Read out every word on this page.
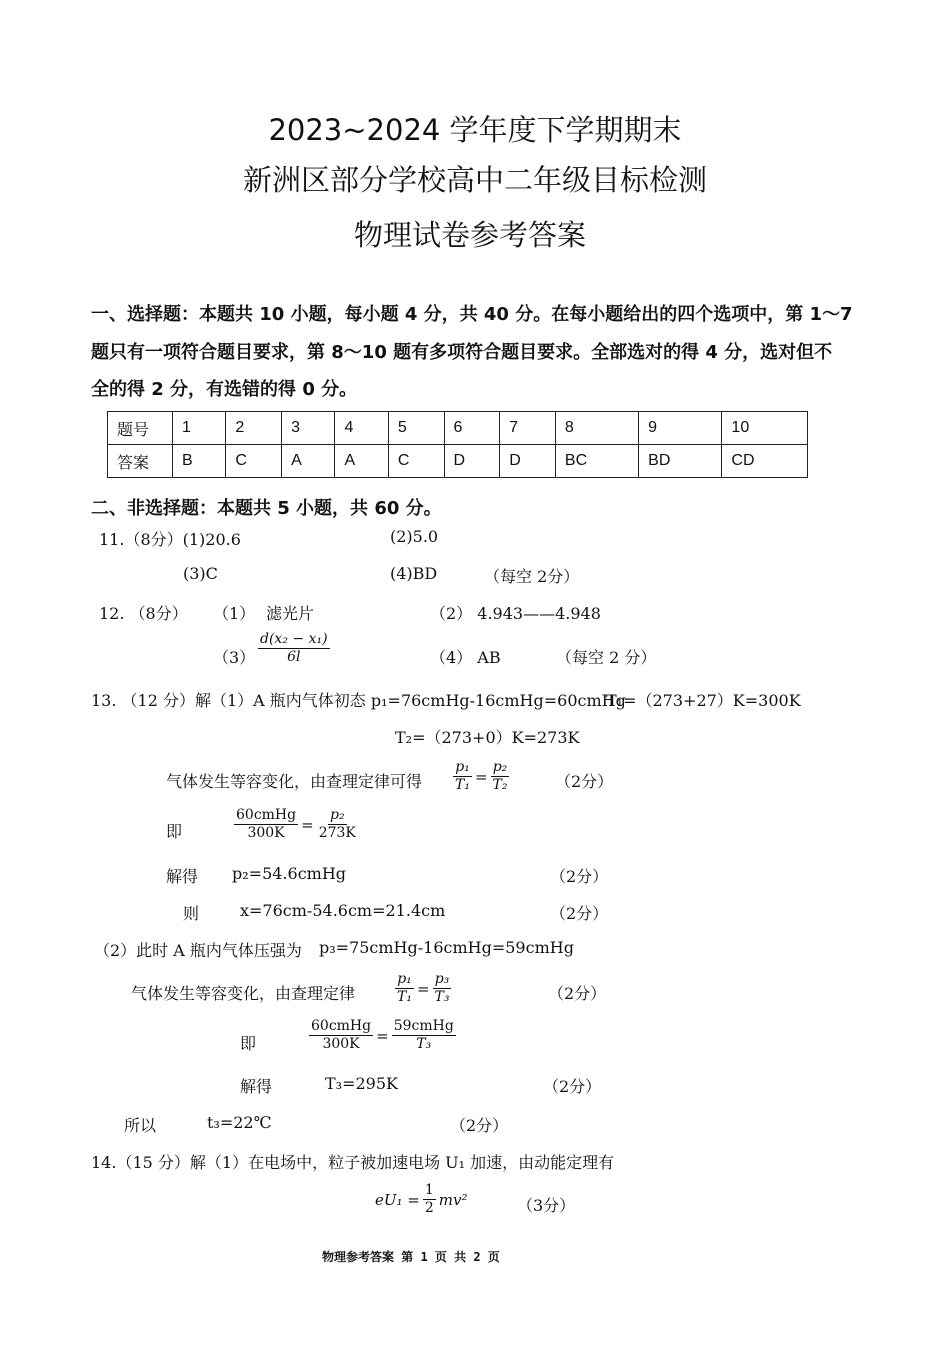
2023~2024 学年度下学期期末
新洲区部分学校高中二年级目标检测
物理试卷参考答案
一、选择题：本题共 10 小题，每小题 4 分，共 40 分。在每小题给出的四个选项中，第 1～7
题只有一项符合题目要求，第 8～10 题有多项符合题目要求。全部选对的得 4 分，选对但不
全的得 2 分，有选错的得 0 分。
题号	1	2	3	4	5	6	7	8	9	10
答案	B	C	A	A	C	D	D	BC	BD	CD
二、非选择题：本题共 5 小题，共 60 分。
11.（8分）(1)20.6	(2)5.0
(3)C	(4)BD	（每空 2分）
12. （8分） （1） 滤光片	（2） 4.943——4.948
$(3) \frac{\text{d(x₂ − x₁)}}{6l}$	（4） AB	（每空 2 分）
13. （12 分）解（1）A 瓶内气体初态 p₁=76cmHg-16cmHg=60cmHg
T₁=（273+27）K=300K
T₂=（273+0）K=273K
气体发生等容变化，由查理定律可得 $\frac{\text{p₁}}{\text{T₁}} = \frac{\text{p₂}}{\text{T₂}}$	（2分）
即	$\frac{\text{60cmHg}}{300K} = \frac{\text{p₂}}{273K}$
解得 p₂=54.6cmHg	（2分）
则	x=76cm-54.6cm=21.4cm	（2分）
（2）此时 A 瓶内气体压强为 p₃=75cmHg-16cmHg=59cmHg
气体发生等容变化，由查理定律	$\frac{\text{p₁}}{\text{T₁}} = \frac{\text{p₃}}{\text{T₃}}$	（2分）
即	$\frac{\text{60cmHg}}{300K} = \frac{\text{59cmHg}}{\text{T₃}}$
解得	T₃=295K	（2分）
所以	t₃=22℃	（2分）
14.（15 分）解（1）在电场中，粒子被加速电场 U₁ 加速，由动能定理有
$eU_1 = \frac{1}{2} mv^2$	（3分）
物理参考答案 第 1 页 共 2 页
